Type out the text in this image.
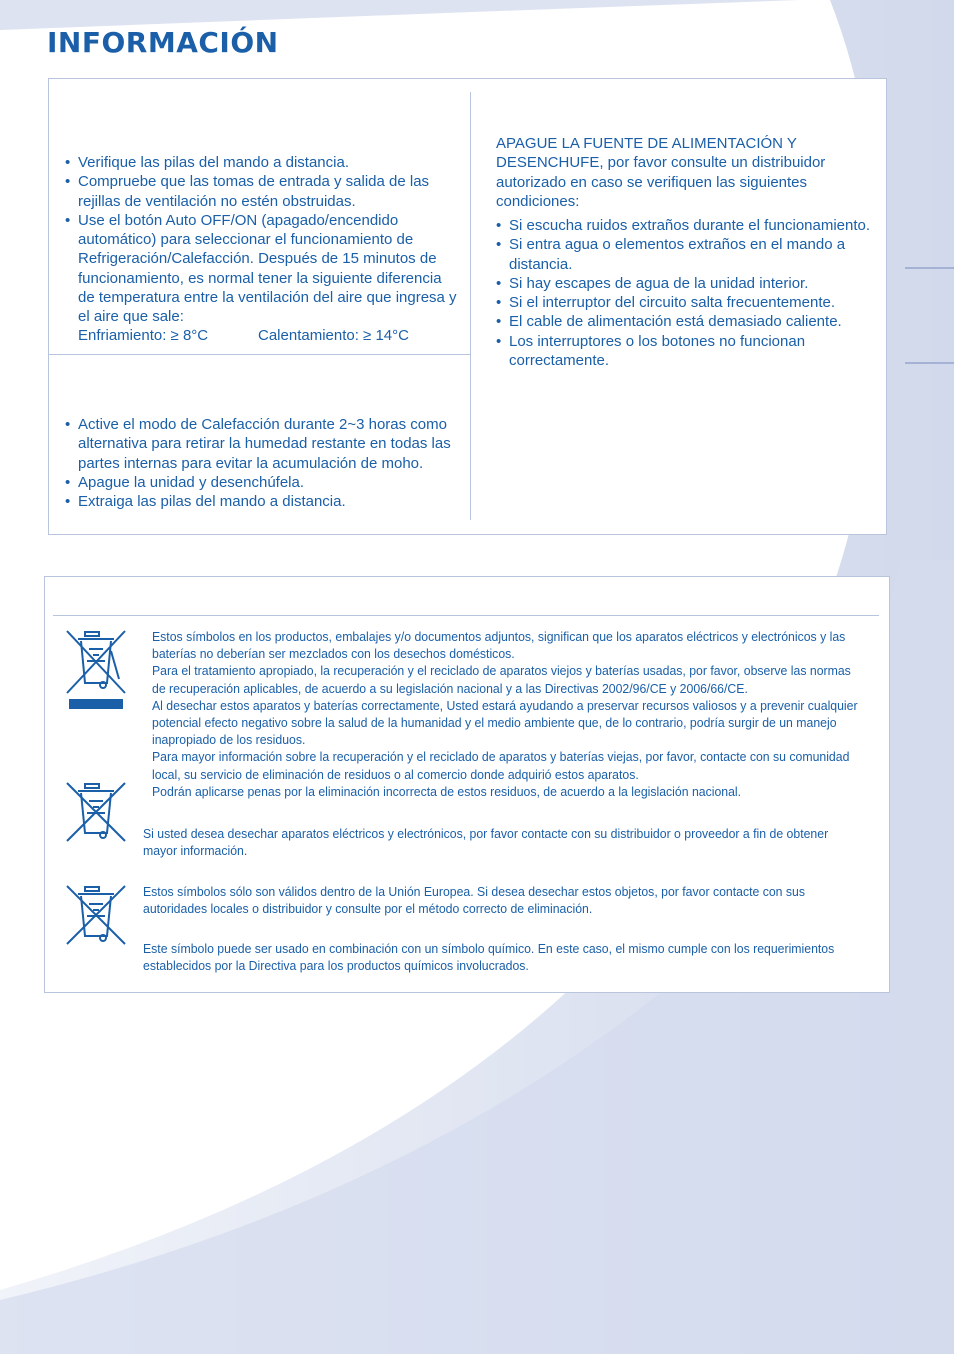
INFORMACIÓN
• Verifique las pilas del mando a distancia.
• Compruebe que las tomas de entrada y salida de las rejillas de ventilación no estén obstruidas.
• Use el botón Auto OFF/ON (apagado/encendido automático) para seleccionar el funcionamiento de Refrigeración/Calefacción. Después de 15 minutos de funcionamiento, es normal tener la siguiente diferencia de temperatura entre la ventilación del aire que ingresa y el aire que sale:
Enfriamiento: ≥ 8°C	Calentamiento: ≥ 14°C
• Active el modo de Calefacción durante 2~3 horas como alternativa para retirar la humedad restante en todas las partes internas para evitar la acumulación de moho.
• Apague la unidad y desenchúfela.
• Extraiga las pilas del mando a distancia.

APAGUE LA FUENTE DE ALIMENTACIÓN Y DESENCHUFE, por favor consulte un distribuidor autorizado en caso se verifiquen las siguientes condiciones:

• Si escucha ruidos extraños durante el funcionamiento.
• Si entra agua o elementos extraños en el mando a distancia.
• Si hay escapes de agua de la unidad interior.
• Si el interruptor del circuito salta frecuentemente.
• El cable de alimentación está demasiado caliente.
• Los interruptores o los botones no funcionan correctamente.

Estos símbolos en los productos, embalajes y/o documentos adjuntos, significan que los aparatos eléctricos y electrónicos y las baterías no deberían ser mezclados con los desechos domésticos.

Para el tratamiento apropiado, la recuperación y el reciclado de aparatos viejos y baterías usadas, por favor, observe las normas de recuperación aplicables, de acuerdo a su legislación nacional y a las Directivas 2002/96/CE y 2006/66/CE.

Al desechar estos aparatos y baterías correctamente, Usted estará ayudando a preservar recursos valiosos y a prevenir cualquier potencial efecto negativo sobre la salud de la humanidad y el medio ambiente que, de lo contrario, podría surgir de un manejo inapropiado de los residuos.

Para mayor información sobre la recuperación y el reciclado de aparatos y baterías viejas, por favor, contacte con su comunidad local, su servicio de eliminación de residuos o al comercio donde adquirió estos aparatos.

Podrán aplicarse penas por la eliminación incorrecta de estos residuos, de acuerdo a la legislación nacional.

Si usted desea desechar aparatos eléctricos y electrónicos, por favor contacte con su distribuidor o proveedor a fin de obtener mayor información.

Estos símbolos sólo son válidos dentro de la Unión Europea. Si desea desechar estos objetos, por favor contacte con sus autoridades locales o distribuidor y consulte por el método correcto de eliminación.

Este símbolo puede ser usado en combinación con un símbolo químico. En este caso, el mismo cumple con los requerimientos establecidos por la Directiva para los productos químicos involucrados.
